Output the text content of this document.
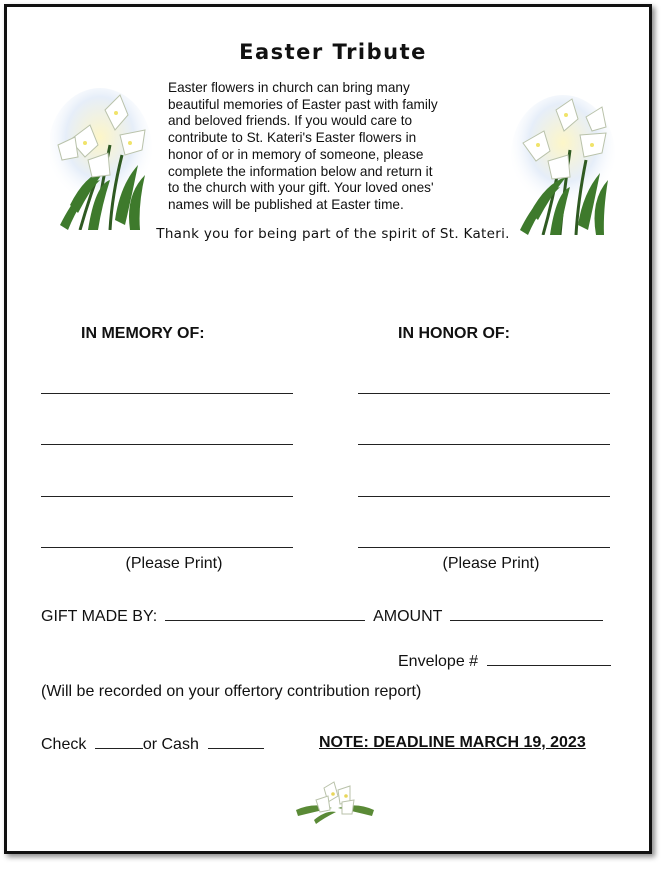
Easter Tribute
Easter flowers in church can bring many
beautiful memories of Easter past with family
and beloved friends. If you would care to
contribute to St. Kateri's Easter flowers in
honor of or in memory of someone, please
complete the information below and return it
to the church with your gift. Your loved ones'
names will be published at Easter time.
Thank you for being part of the spirit of St. Kateri.
IN MEMORY OF:	IN HONOR OF:
(Please Print)	(Please Print)
GIFT MADE BY:	AMOUNT
Envelope #
(Will be recorded on your offertory contribution report)
Check	or Cash	NOTE: DEADLINE MARCH 19, 2023
